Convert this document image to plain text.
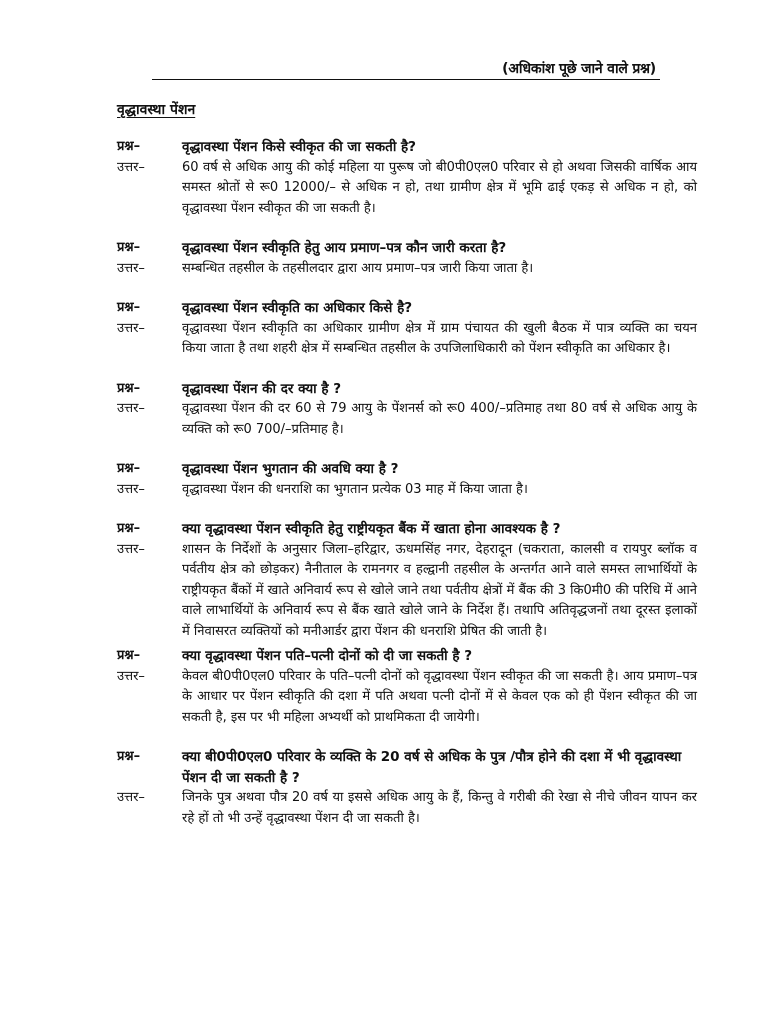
(अधिकांश पूछे जाने वाले प्रश्न)
वृद्धावस्था पेंशन
प्रश्न–	वृद्धावस्था पेंशन किसे स्वीकृत की जा सकती है?
उत्तर–	60 वर्ष से अधिक आयु की कोई महिला या पुरूष जो बी0पी0एल0 परिवार से हो अथवा जिसकी वार्षिक आय समस्त श्रोतों से रू0 12000/– से अधिक न हो, तथा ग्रामीण क्षेत्र में भूमि ढाई एकड़ से अधिक न हो, को वृद्धावस्था पेंशन स्वीकृत की जा सकती है।
प्रश्न–	वृद्धावस्था पेंशन स्वीकृति हेतु आय प्रमाण–पत्र कौन जारी करता है?
उत्तर–	सम्बन्धित तहसील के तहसीलदार द्वारा आय प्रमाण–पत्र जारी किया जाता है।
प्रश्न–	वृद्धावस्था पेंशन स्वीकृति का अधिकार किसे है?
उत्तर–	वृद्धावस्था पेंशन स्वीकृति का अधिकार ग्रामीण क्षेत्र में ग्राम पंचायत की खुली बैठक में पात्र व्यक्ति का चयन किया जाता है तथा शहरी क्षेत्र में सम्बन्धित तहसील के उपजिलाधिकारी को पेंशन स्वीकृति का अधिकार है।
प्रश्न–	वृद्धावस्था पेंशन की दर क्या है ?
उत्तर–	वृद्धावस्था पेंशन की दर 60 से 79 आयु के पेंशनर्स को रू0 400/–प्रतिमाह तथा 80 वर्ष से अधिक आयु के व्यक्ति को रू0 700/–प्रतिमाह है।
प्रश्न–	वृद्धावस्था पेंशन भुगतान की अवधि क्या है ?
उत्तर–	वृद्धावस्था पेंशन की धनराशि का भुगतान प्रत्येक 03 माह में किया जाता है।
प्रश्न–	क्या वृद्धावस्था पेंशन स्वीकृति हेतु राष्ट्रीयकृत बैंक में खाता होना आवश्यक है ?
उत्तर–	शासन के निर्देशों के अनुसार जिला–हरिद्वार, ऊधमसिंह नगर, देहरादून (चकराता, कालसी व रायपुर ब्लॉक व पर्वतीय क्षेत्र को छोड़कर) नैनीताल के रामनगर व हल्द्वानी तहसील के अन्तर्गत आने वाले समस्त लाभार्थियों के राष्ट्रीयकृत बैंकों में खाते अनिवार्य रूप से खोले जाने तथा पर्वतीय क्षेत्रों में बैंक की 3 कि0मी0 की परिधि में आने वाले लाभार्थियों के अनिवार्य रूप से बैंक खाते खोले जाने के निर्देश हैं। तथापि अतिवृद्धजनों तथा दूरस्त इलाकों में निवासरत व्यक्तियों को मनीआर्डर द्वारा पेंशन की धनराशि प्रेषित की जाती है।
प्रश्न–	क्या वृद्धावस्था पेंशन पति–पत्नी दोनों को दी जा सकती है ?
उत्तर–	केवल बी0पी0एल0 परिवार के पति–पत्नी दोनों को वृद्धावस्था पेंशन स्वीकृत की जा सकती है। आय प्रमाण–पत्र के आधार पर पेंशन स्वीकृति की दशा में पति अथवा पत्नी दोनों में से केवल एक को ही पेंशन स्वीकृत की जा सकती है, इस पर भी महिला अभ्यर्थी को प्राथमिकता दी जायेगी।
प्रश्न–	क्या बी0पी0एल0 परिवार के व्यक्ति के 20 वर्ष से अधिक के पुत्र /पौत्र होने की दशा में भी वृद्धावस्था पेंशन दी जा सकती है ?
उत्तर–	जिनके पुत्र अथवा पौत्र 20 वर्ष या इससे अधिक आयु के हैं, किन्तु वे गरीबी की रेखा से नीचे जीवन यापन कर रहे हों तो भी उन्हें वृद्धावस्था पेंशन दी जा सकती है।
